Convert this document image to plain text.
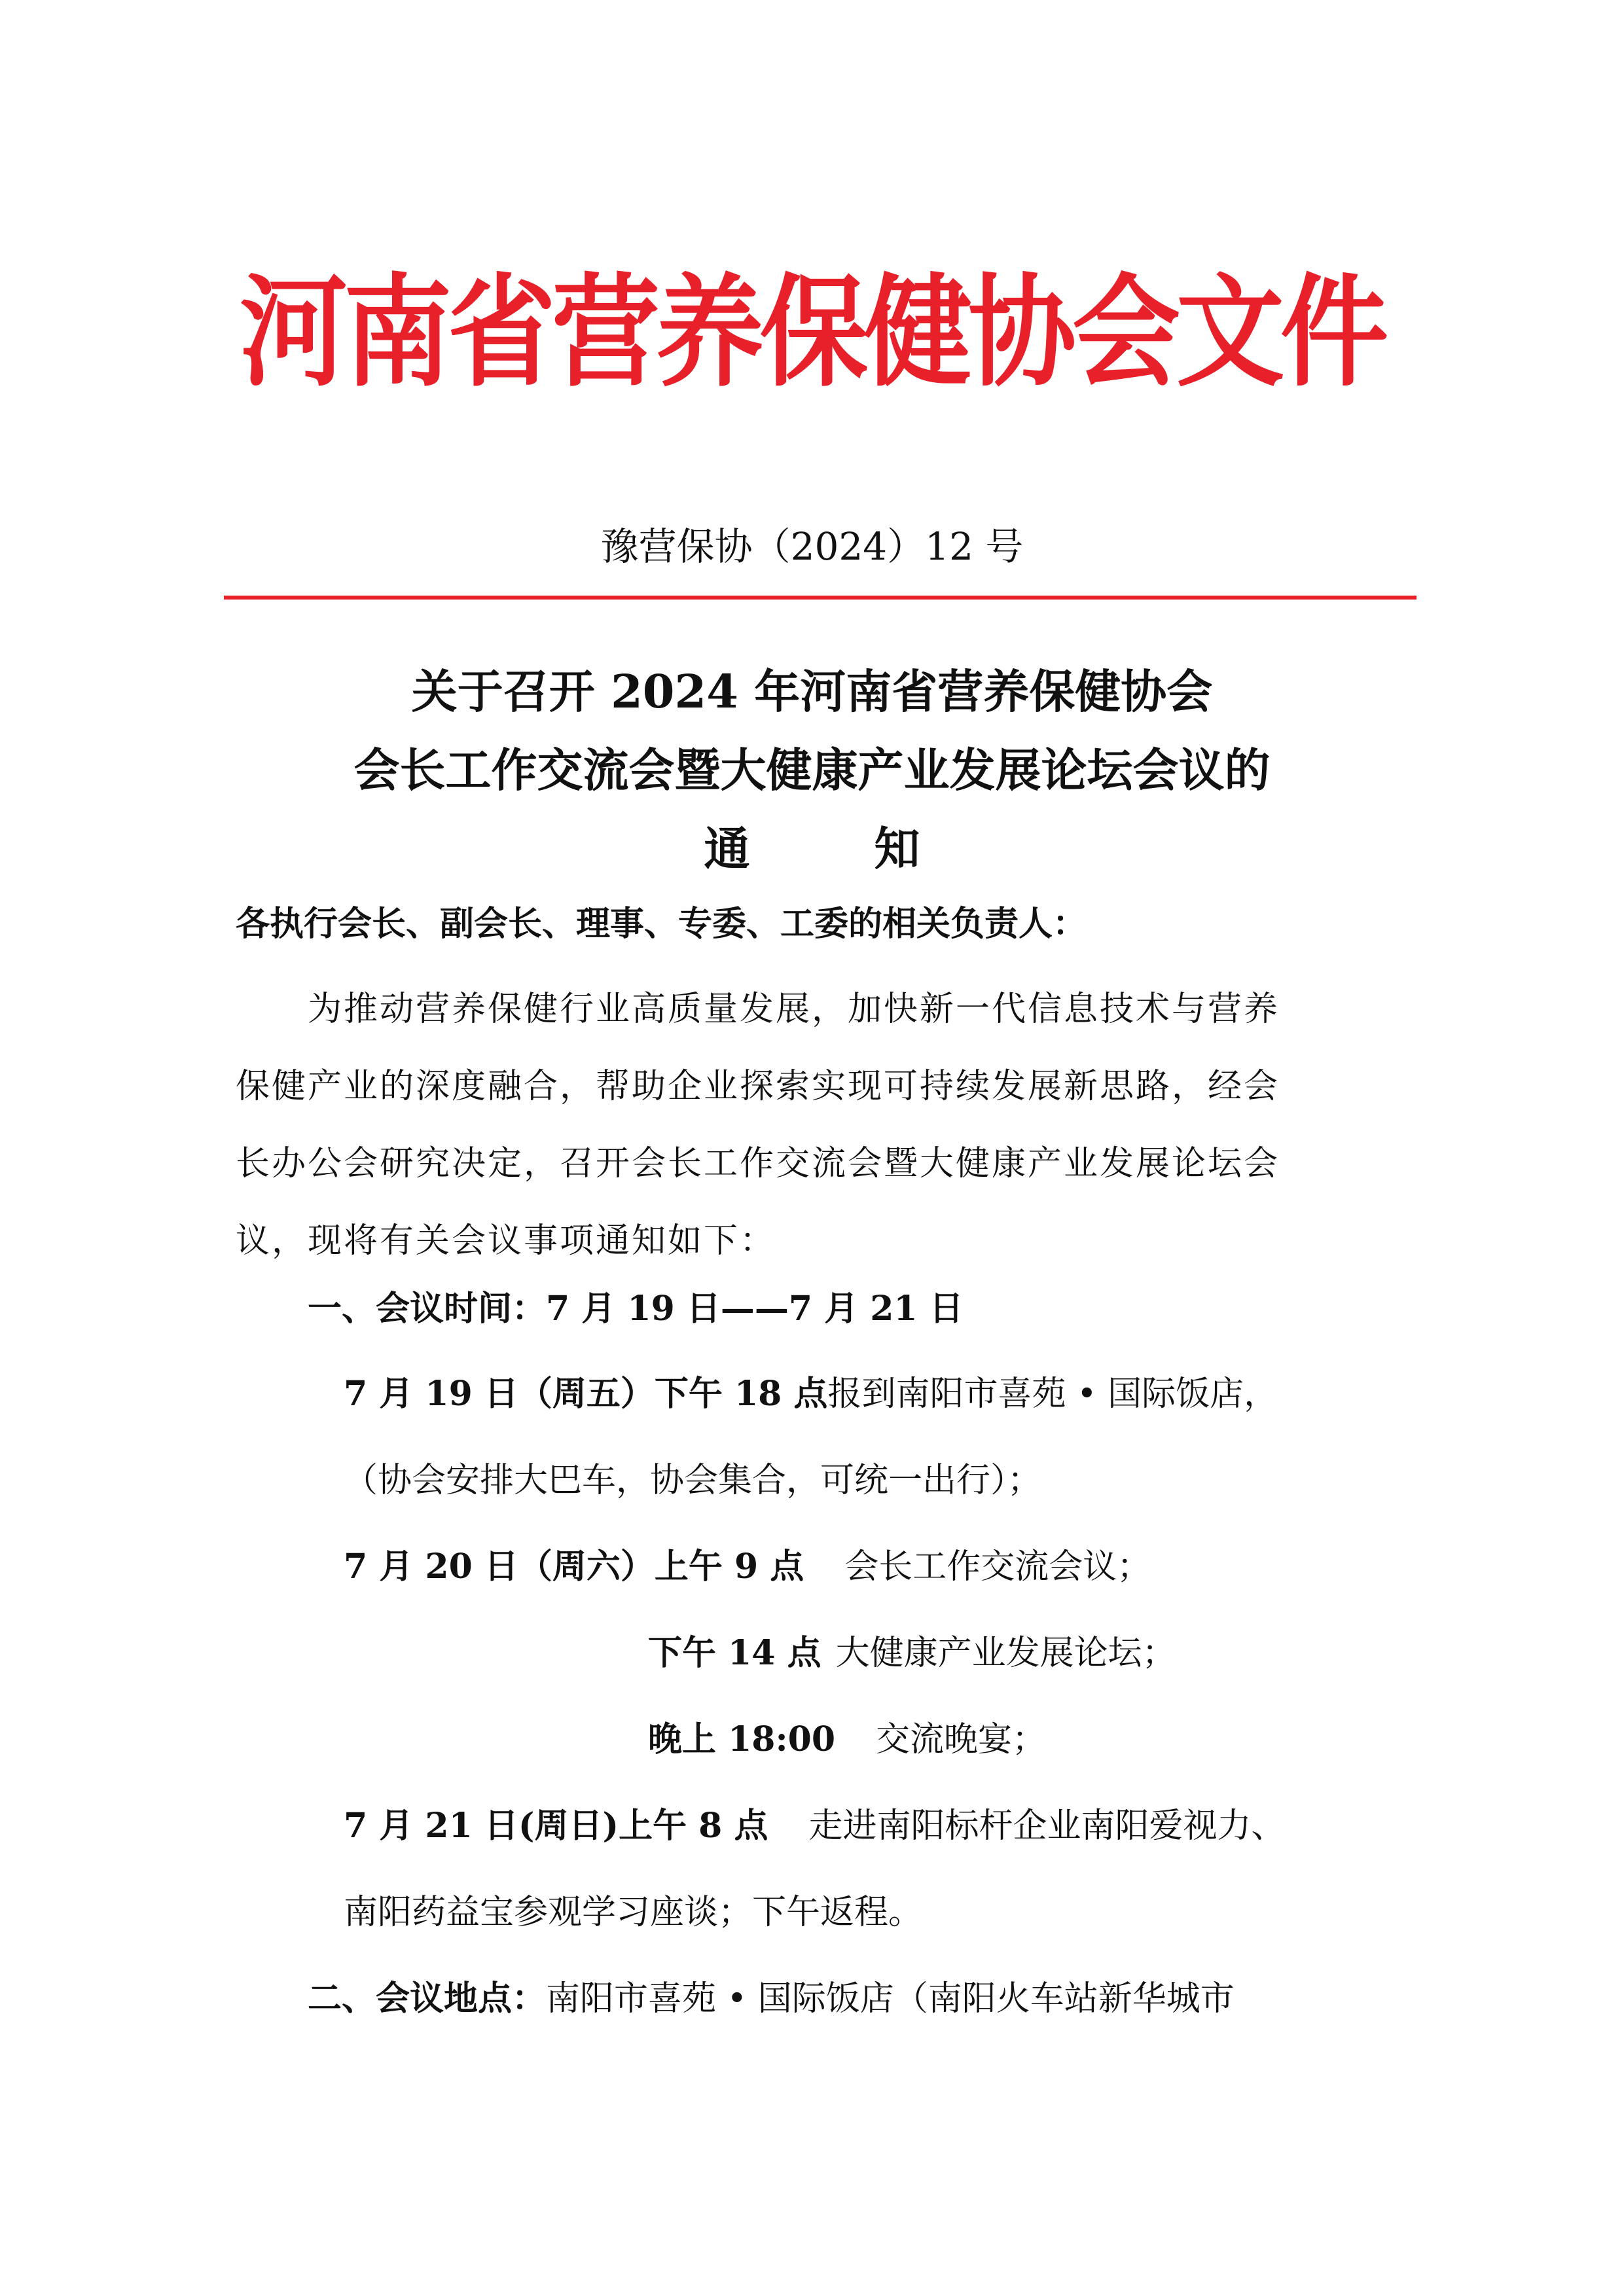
河南省营养保健协会文件
豫营保协（2024）12 号
关于召开 2024 年河南省营养保健协会
会长工作交流会暨大健康产业发展论坛会议的
通	知
各执行会长、副会长、理事、专委、工委的相关负责人：
为推动营养保健行业高质量发展，加快新一代信息技术与营养
保健产业的深度融合，帮助企业探索实现可持续发展新思路，经会
长办公会研究决定，召开会长工作交流会暨大健康产业发展论坛会
议，现将有关会议事项通知如下：
一、会议时间：7 月 19 日——7 月 21 日
7 月 19 日（周五）下午 18 点报到南阳市喜苑 • 国际饭店，
（协会安排大巴车，协会集合，可统一出行）；
7 月 20 日（周六）上午 9 点 会长工作交流会议；
下午 14 点 大健康产业发展论坛；
晚上 18:00 交流晚宴；
7 月 21 日(周日)上午 8 点 走进南阳标杆企业南阳爱视力、
南阳药益宝参观学习座谈；下午返程。
二、会议地点：南阳市喜苑 • 国际饭店（南阳火车站新华城市
